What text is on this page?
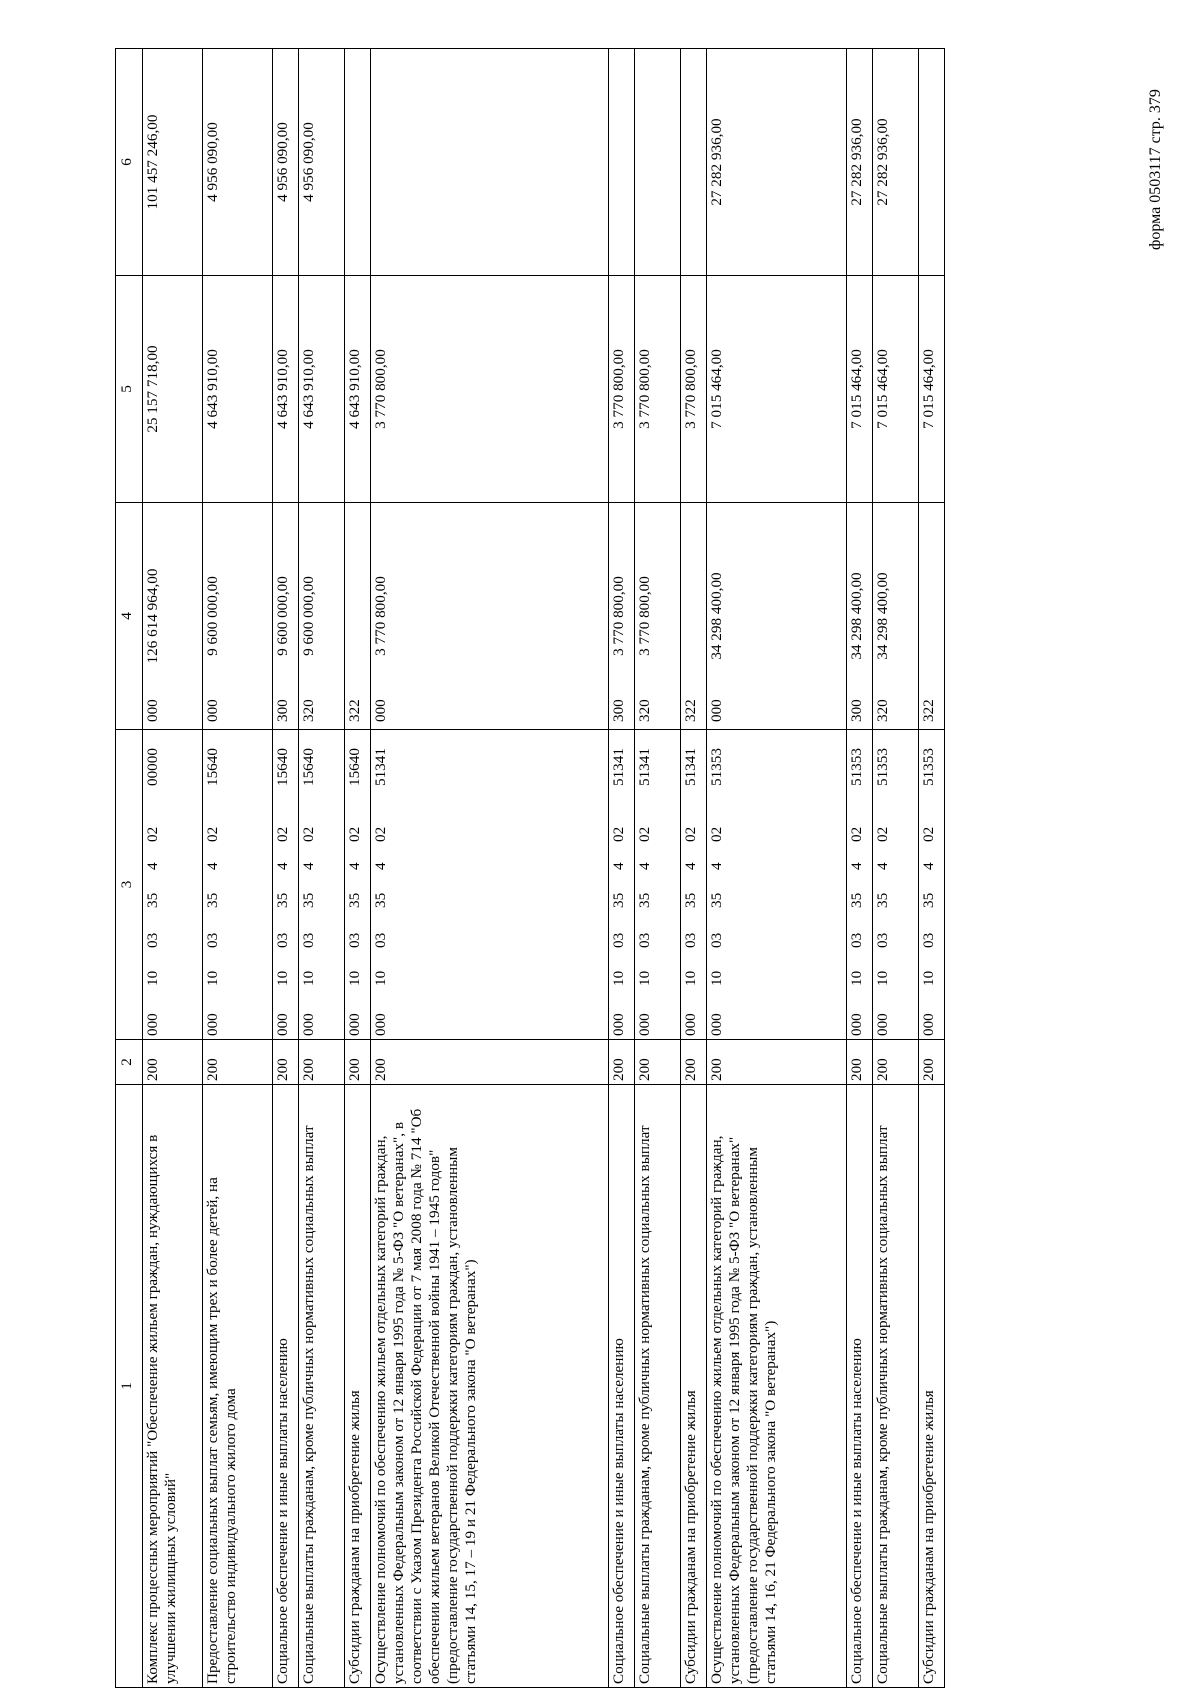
форма 0503117 стр. 379
1	2	3	4	5	6
Комплекс процессных мероприятий "Обеспечение жильем граждан, нуждающихся в улучшении жилищных условий"	200	00010033540200000000	126 614 964,00	25 157 718,00	101 457 246,00
Предоставление социальных выплат семьям, имеющим трех и более детей, на строительство индивидуального жилого дома	200	00010033540215640000	9 600 000,00	4 643 910,00	4 956 090,00
Социальное обеспечение и иные выплаты населению	200	00010033540215640300	9 600 000,00	4 643 910,00	4 956 090,00
Социальные выплаты гражданам, кроме публичных нормативных социальных выплат	200	00010033540215640320	9 600 000,00	4 643 910,00	4 956 090,00
Субсидии гражданам на приобретение жилья	200	00010033540215640322		4 643 910,00	
Осуществление полномочий по обеспечению жильем отдельных категорий граждан, установленных Федеральным законом от 12 января 1995 года № 5-ФЗ "О ветеранах", в соответствии с Указом Президента Российской Федерации от 7 мая 2008 года № 714 "Об обеспечении жильем ветеранов Великой Отечественной войны 1941 – 1945 годов" (предоставление государственной поддержки категориям граждан, установленным статьями 14, 15, 17 – 19 и 21 Федерального закона "О ветеранах")	200	00010033540251341000	3 770 800,00	3 770 800,00	
Социальное обеспечение и иные выплаты населению	200	00010033540251341300	3 770 800,00	3 770 800,00	
Социальные выплаты гражданам, кроме публичных нормативных социальных выплат	200	00010033540251341320	3 770 800,00	3 770 800,00	
Субсидии гражданам на приобретение жилья	200	00010033540251341322		3 770 800,00	
Осуществление полномочий по обеспечению жильем отдельных категорий граждан, установленных Федеральным законом от 12 января 1995 года № 5-ФЗ "О ветеранах" (предоставление государственной поддержки категориям граждан, установленным статьями 14, 16, 21 Федерального закона "О ветеранах")	200	00010033540251353000	34 298 400,00	7 015 464,00	27 282 936,00
Социальное обеспечение и иные выплаты населению	200	00010033540251353300	34 298 400,00	7 015 464,00	27 282 936,00
Социальные выплаты гражданам, кроме публичных нормативных социальных выплат	200	00010033540251353320	34 298 400,00	7 015 464,00	27 282 936,00
Субсидии гражданам на приобретение жилья	200	00010033540251353322		7 015 464,00	
